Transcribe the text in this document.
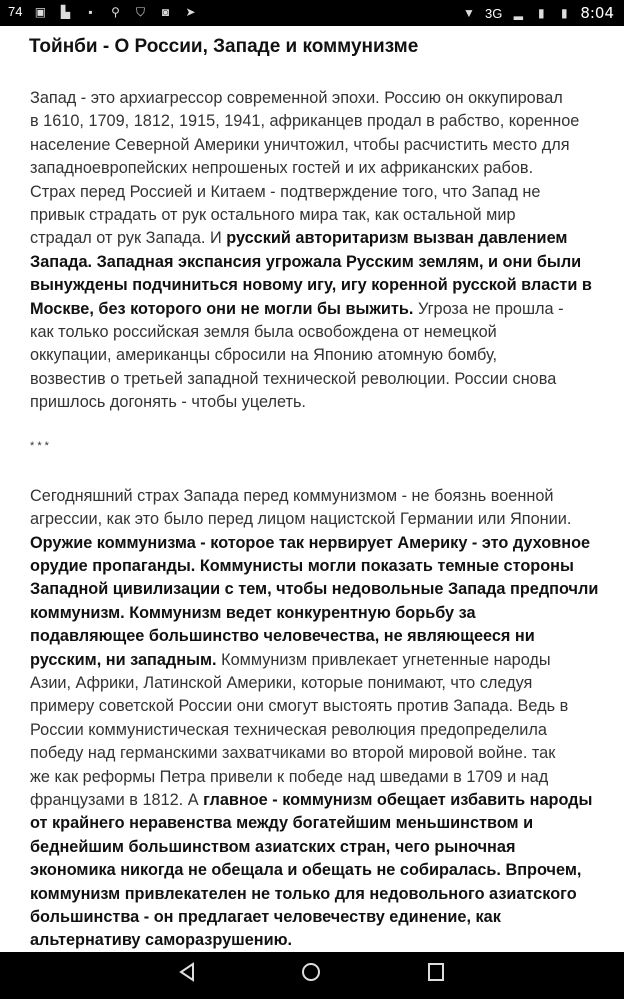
74 ▣ ▙	▪	⚲ ⛉ ◙ ➤	▼ 3G ▂	▮	▮ 8:04
Тойнби - О России, Западе и коммунизме
Запад - это архиагрессор современной эпохи. Россию он оккупировал
в 1610, 1709, 1812, 1915, 1941, африканцев продал в рабство, коренное
население Северной Америки уничтожил, чтобы расчистить место для
западноевропейских непрошеных гостей и их африканских рабов.
Страх перед Россией и Китаем - подтверждение того, что Запад не
привык страдать от рук остального мира так, как остальной мир
страдал от рук Запада. И русский авторитаризм вызван давлением
Запада. Западная экспансия угрожала Русским землям, и они были
вынуждены подчиниться новому игу, игу коренной русской власти в
Москве, без которого они не могли бы выжить. Угроза не прошла -
как только российская земля была освобождена от немецкой
оккупации, американцы сбросили на Японию атомную бомбу,
возвестив о третьей западной технической революции. России снова
пришлось догонять - чтобы уцелеть.
* * *
Сегодняшний страх Запада перед коммунизмом - не боязнь военной
агрессии, как это было перед лицом нацистской Германии или Японии.
Оружие коммунизма - которое так нервирует Америку - это духовное
орудие пропаганды. Коммунисты могли показать темные стороны
Западной цивилизации с тем, чтобы недовольные Запада предпочли
коммунизм. Коммунизм ведет конкурентную борьбу за
подавляющее большинство человечества, не являющееся ни
русским, ни западным. Коммунизм привлекает угнетенные народы
Азии, Африки, Латинской Америки, которые понимают, что следуя
примеру советской России они смогут выстоять против Запада. Ведь в
России коммунистическая техническая революция предопределила
победу над германскими захватчиками во второй мировой войне. так
же как реформы Петра привели к победе над шведами в 1709 и над
французами в 1812. А главное - коммунизм обещает избавить народы
от крайнего неравенства между богатейшим меньшинством и
беднейшим большинством азиатских стран, чего рыночная
экономика никогда не обещала и обещать не собиралась. Впрочем,
коммунизм привлекателен не только для недовольного азиатского
большинства - он предлагает человечеству единение, как
альтернативу саморазрушению.
